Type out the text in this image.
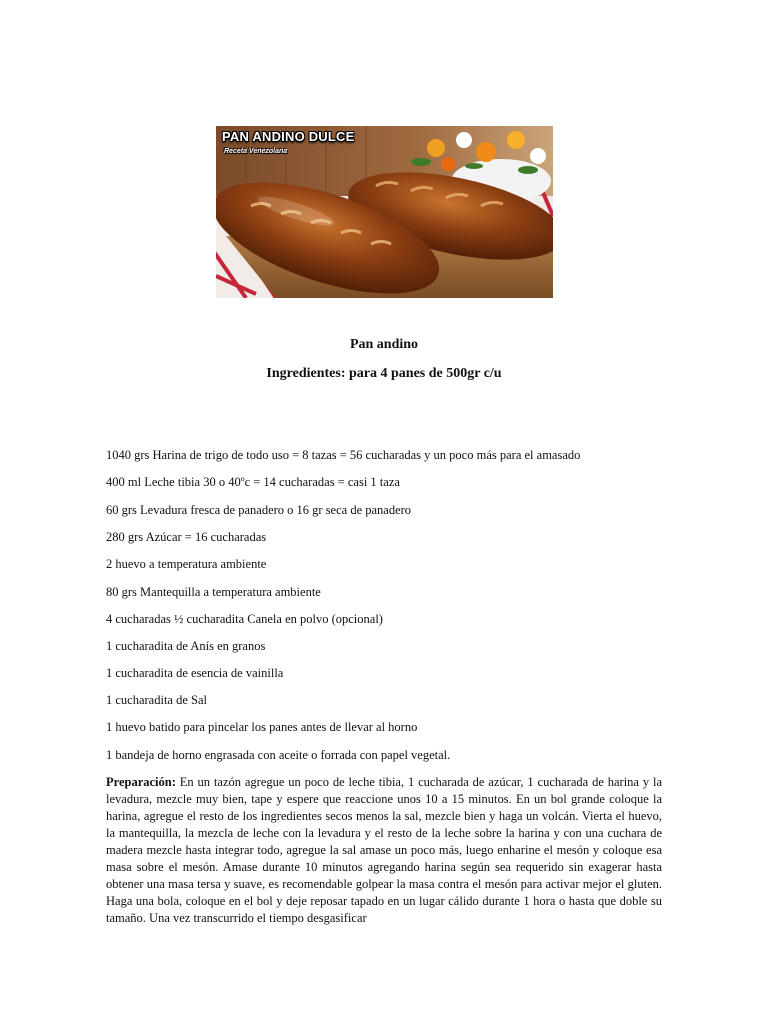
PAN ANDINO DULCE
Receta Venezolana
Pan andino
Ingredientes: para 4 panes de 500gr c/u
1040 grs Harina de trigo de todo uso = 8 tazas = 56 cucharadas y un poco más para el amasado
400 ml Leche tibia 30 o 40ºc = 14 cucharadas = casi 1 taza
60 grs Levadura fresca de panadero o 16 gr seca de panadero
280 grs Azúcar = 16 cucharadas
2 huevo a temperatura ambiente
80 grs Mantequilla a temperatura ambiente
4 cucharadas ½ cucharadita Canela en polvo (opcional)
1 cucharadita de Anís en granos
1 cucharadita de esencia de vainilla
1 cucharadita de Sal
1 huevo batido para pincelar los panes antes de llevar al horno
1 bandeja de horno engrasada con aceite o forrada con papel vegetal.
Preparación: En un tazón agregue un poco de leche tibia, 1 cucharada de azúcar, 1 cucharada de harina y la levadura, mezcle muy bien, tape y espere que reaccione unos 10 a 15 minutos. En un bol grande coloque la harina, agregue el resto de los ingredientes secos menos la sal, mezcle bien y haga un volcán. Vierta el huevo, la mantequilla, la mezcla de leche con la levadura y el resto de la leche sobre la harina y con una cuchara de madera mezcle hasta integrar todo, agregue la sal amase un poco más, luego enharine el mesón y coloque esa masa sobre el mesón. Amase durante 10 minutos agregando harina según sea requerido sin exagerar hasta obtener una masa tersa y suave, es recomendable golpear la masa contra el mesón para activar mejor el gluten. Haga una bola, coloque en el bol y deje reposar tapado en un lugar cálido durante 1 hora o hasta que doble su tamaño. Una vez transcurrido el tiempo desgasificar
